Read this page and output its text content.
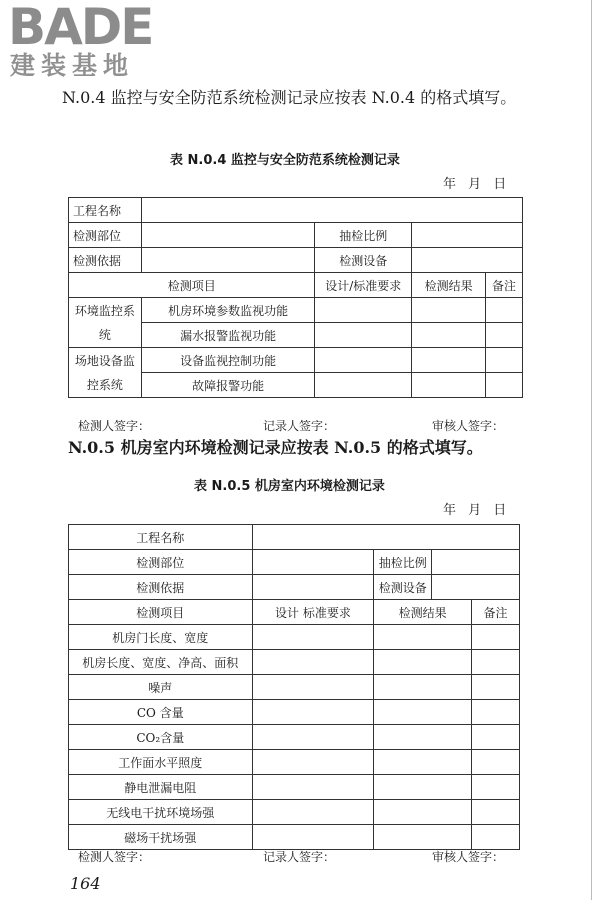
BADE
建装基地
N.0.4 监控与安全防范系统检测记录应按表 N.0.4 的格式填写。
表 N.0.4 监控与安全防范系统检测记录
年 月 日
工程名称				
检测部位		抽检比例		
检测依据		检测设备		
检测项目		设计/标准要求	检测结果	备注
环境监控系统	机房环境参数监视功能			
	漏水报警监视功能			
场地设备监控系统	设备监视控制功能			
	故障报警功能			
检测人签字：	记录人签字：	审核人签字：
N.0.5 机房室内环境检测记录应按表 N.0.5 的格式填写。
表 N.0.5 机房室内环境检测记录
年 月 日
工程名称				
检测部位		抽检比例		
检测依据		检测设备		
检测项目	设计 标准要求	检测结果		备注
机房门长度、宽度				
机房长度、宽度、净高、面积				
噪声				
CO 含量				
CO₂含量				
工作面水平照度				
静电泄漏电阻				
无线电干扰环境场强				
磁场干扰场强				
检测人签字：	记录人签字：	审核人签字：
164
